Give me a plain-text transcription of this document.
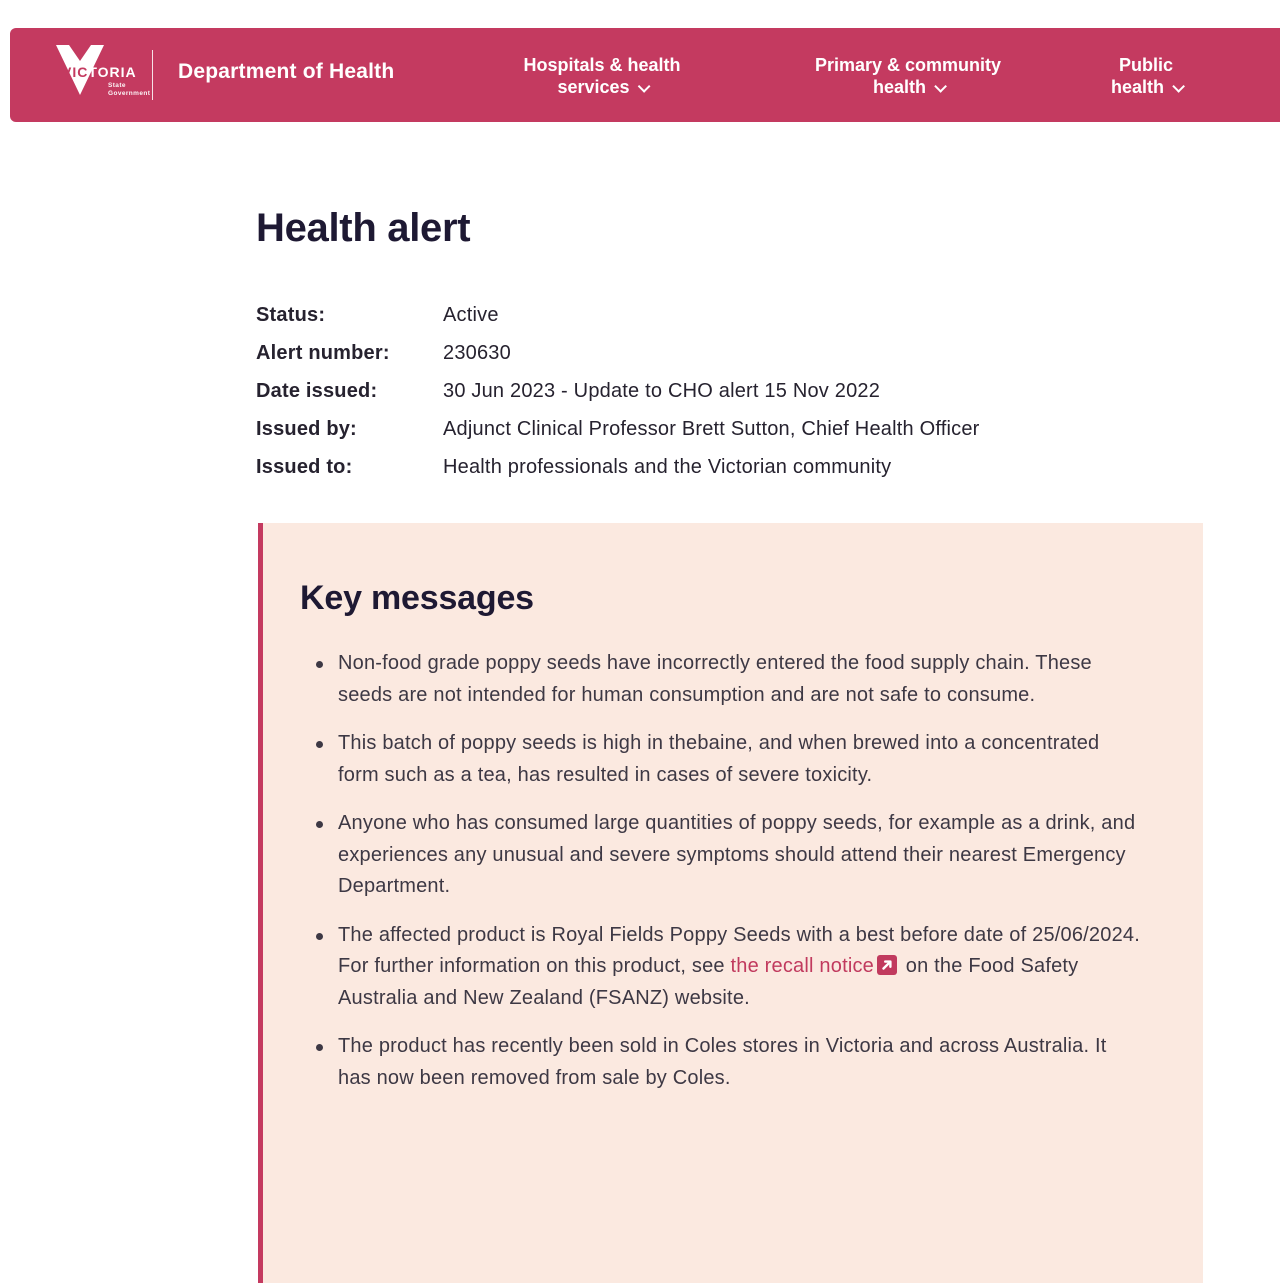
VICTORIA
State
Government
Department of Health	Hospitals & health
services
Primary & community
health
Public
health
Health alert
Status:	Active
Alert number:	230630
Date issued:	30 Jun 2023 - Update to CHO alert 15 Nov 2022
Issued by:	Adjunct Clinical Professor Brett Sutton, Chief Health Officer
Issued to:	Health professionals and the Victorian community
Key messages
Non-food grade poppy seeds have incorrectly entered the food supply chain. These seeds are not intended for human consumption and are not safe to consume.
This batch of poppy seeds is high in thebaine, and when brewed into a concentrated form such as a tea, has resulted in cases of severe toxicity.
Anyone who has consumed large quantities of poppy seeds, for example as a drink, and experiences any unusual and severe symptoms should attend their nearest Emergency Department.
The affected product is Royal Fields Poppy Seeds with a best before date of 25/06/2024. For further information on this product, see the recall notice
on the Food Safety Australia and New Zealand (FSANZ) website.
The product has recently been sold in Coles stores in Victoria and across Australia. It has now been removed from sale by Coles.
